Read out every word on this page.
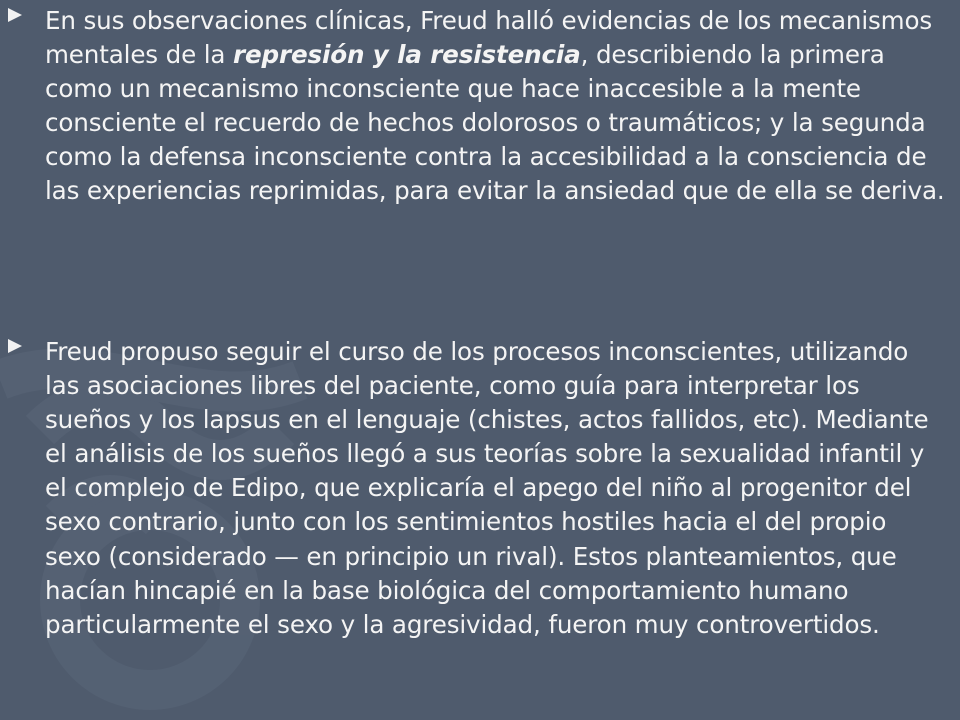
En sus observaciones clínicas, Freud halló evidencias de los mecanismos mentales de la represión y la resistencia, describiendo la primera como un mecanismo inconsciente que hace inaccesible a la mente consciente el recuerdo de hechos dolorosos o traumáticos; y la segunda como la defensa inconsciente contra la accesibilidad a la consciencia de las experiencias reprimidas, para evitar la ansiedad que de ella se deriva.
Freud propuso seguir el curso de los procesos inconscientes, utilizando las asociaciones libres del paciente, como guía para interpretar los sueños y los lapsus en el lenguaje (chistes, actos fallidos, etc). Mediante el análisis de los sueños llegó a sus teorías sobre la sexualidad infantil y el complejo de Edipo, que explicaría el apego del niño al progenitor del sexo contrario, junto con los sentimientos hostiles hacia el del propio sexo (considerado — en principio un rival). Estos planteamientos, que hacían hincapié en la base biológica del comportamiento humano particularmente el sexo y la agresividad, fueron muy controvertidos.
